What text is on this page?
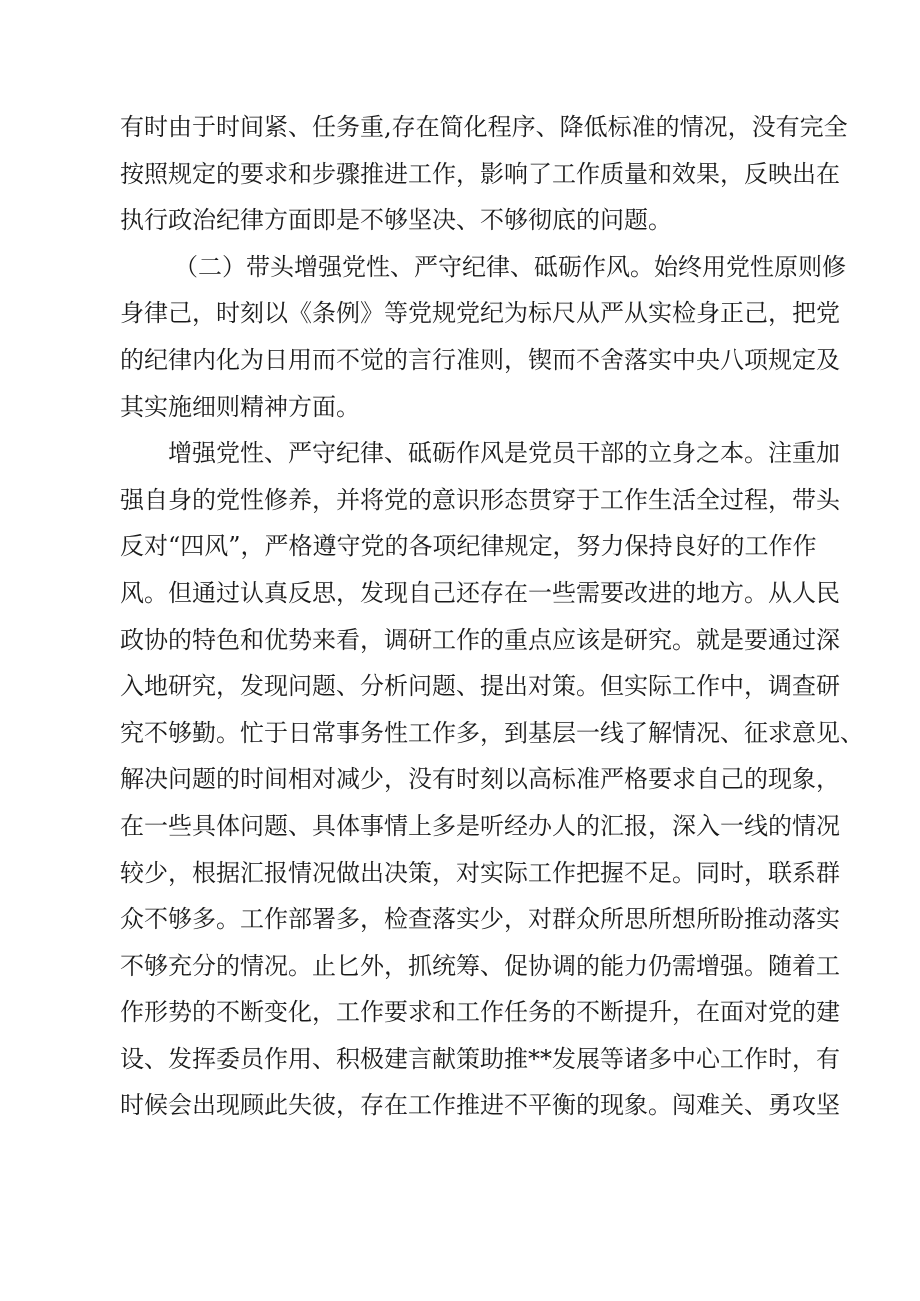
有时由于时间紧、任务重,存在简化程序、降低标准的情况，没有完全
按照规定的要求和步骤推进工作，影响了工作质量和效果，反映出在
执行政治纪律方面即是不够坚决、不够彻底的问题。
（二）带头增强党性、严守纪律、砥砺作风。始终用党性原则修
身律己，时刻以《条例》等党规党纪为标尺从严从实检身正己，把党
的纪律内化为日用而不觉的言行准则，锲而不舍落实中央八项规定及
其实施细则精神方面。
增强党性、严守纪律、砥砺作风是党员干部的立身之本。注重加
强自身的党性修养，并将党的意识形态贯穿于工作生活全过程，带头
反对“四风”，严格遵守党的各项纪律规定，努力保持良好的工作作
风。但通过认真反思，发现自己还存在一些需要改进的地方。从人民
政协的特色和优势来看，调研工作的重点应该是研究。就是要通过深
入地研究，发现问题、分析问题、提出对策。但实际工作中，调查研
究不够勤。忙于日常事务性工作多，到基层一线了解情况、征求意见、
解决问题的时间相对减少，没有时刻以高标准严格要求自己的现象，
在一些具体问题、具体事情上多是听经办人的汇报，深入一线的情况
较少，根据汇报情况做出决策，对实际工作把握不足。同时，联系群
众不够多。工作部署多，检查落实少，对群众所思所想所盼推动落实
不够充分的情况。止匕外，抓统筹、促协调的能力仍需增强。随着工
作形势的不断变化，工作要求和工作任务的不断提升，在面对党的建
设、发挥委员作用、积极建言献策助推**发展等诸多中心工作时，有
时候会出现顾此失彼，存在工作推进不平衡的现象。闯难关、勇攻坚
